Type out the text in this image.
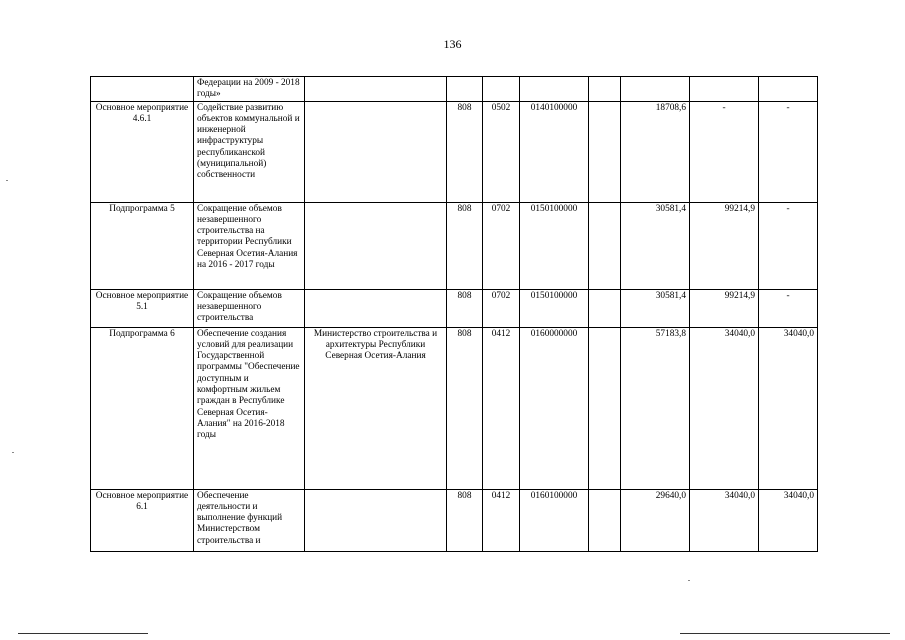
136
	Федерации на 2009 - 2018 годы»								
Основное мероприятие 4.6.1	Содействие развитию объектов коммунальной и инженерной инфраструктуры республиканской (муниципальной) собственности		808	0502	0140100000		18708,6	-	-
Подпрограмма 5	Сокращение объемов незавершенного строительства на территории Республики Северная Осетия-Алания на 2016 - 2017 годы		808	0702	0150100000		30581,4	99214,9	-
Основное мероприятие 5.1	Сокращение объемов незавершенного строительства		808	0702	0150100000		30581,4	99214,9	-
Подпрограмма 6	Обеспечение создания условий для реализации Государственной программы "Обеспечение доступным и комфортным жильем граждан в Республике Северная Осетия-Алания" на 2016-2018 годы	Министерство строительства и архитектуры Республики Северная Осетия-Алания	808	0412	0160000000		57183,8	34040,0	34040,0
Основное мероприятие 6.1	Обеспечение деятельности и выполнение функций Министерством строительства и		808	0412	0160100000		29640,0	34040,0	34040,0
